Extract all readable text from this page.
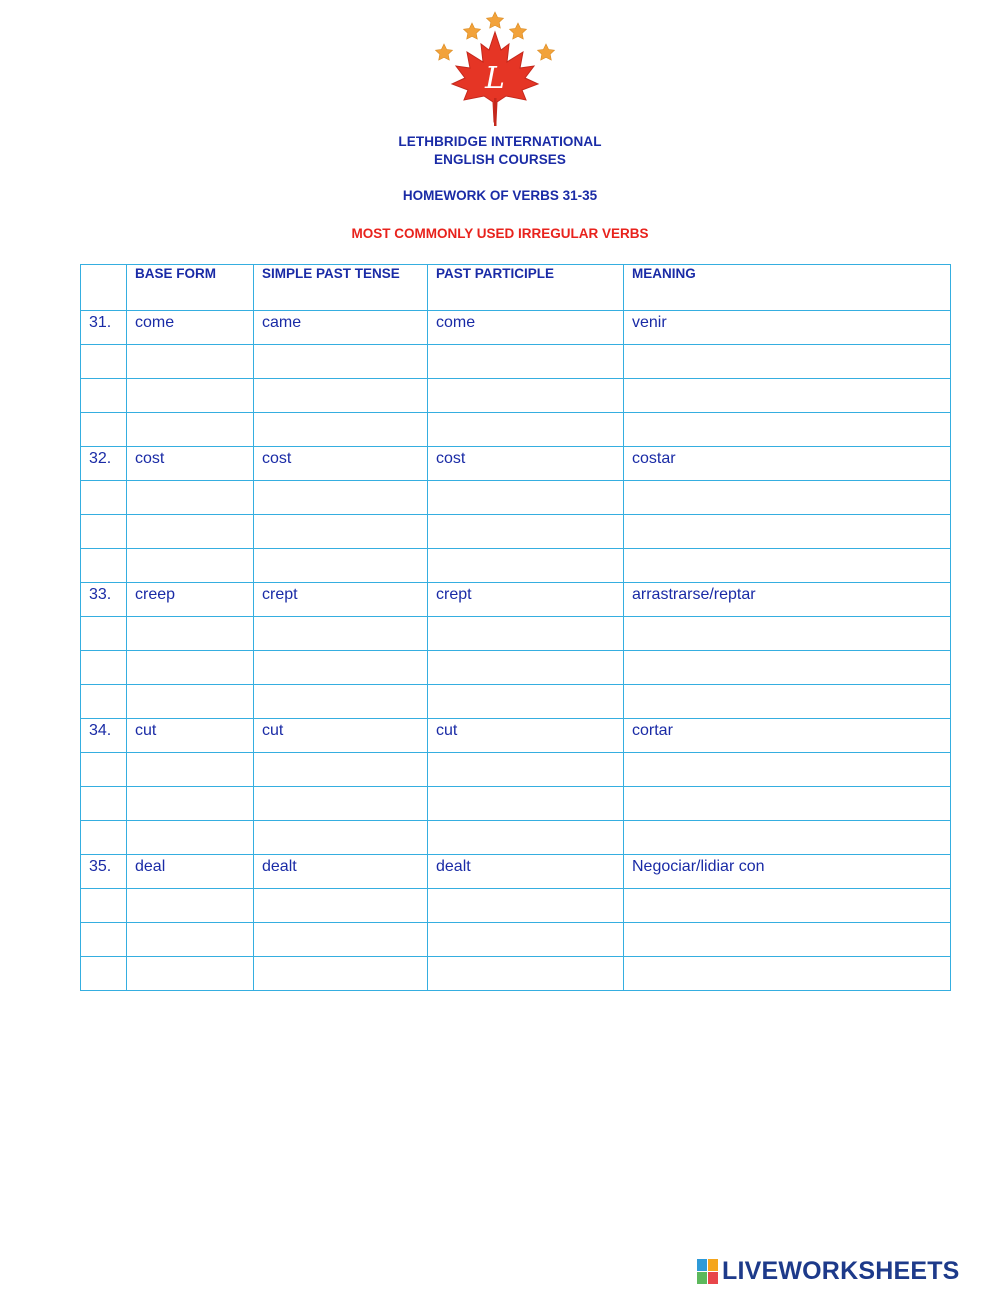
L
LETHBRIDGE INTERNATIONAL
ENGLISH COURSES
HOMEWORK OF VERBS 31-35
MOST COMMONLY USED IRREGULAR VERBS
	BASE FORM	SIMPLE PAST TENSE	PAST PARTICIPLE	MEANING
31.	come	came	come	venir

32.	cost	cost	cost	costar

33.	creep	crept	crept	arrastrarse/reptar

34.	cut	cut	cut	cortar

35.	deal	dealt	dealt	Negociar/lidiar con

LIVEWORKSHEETS
